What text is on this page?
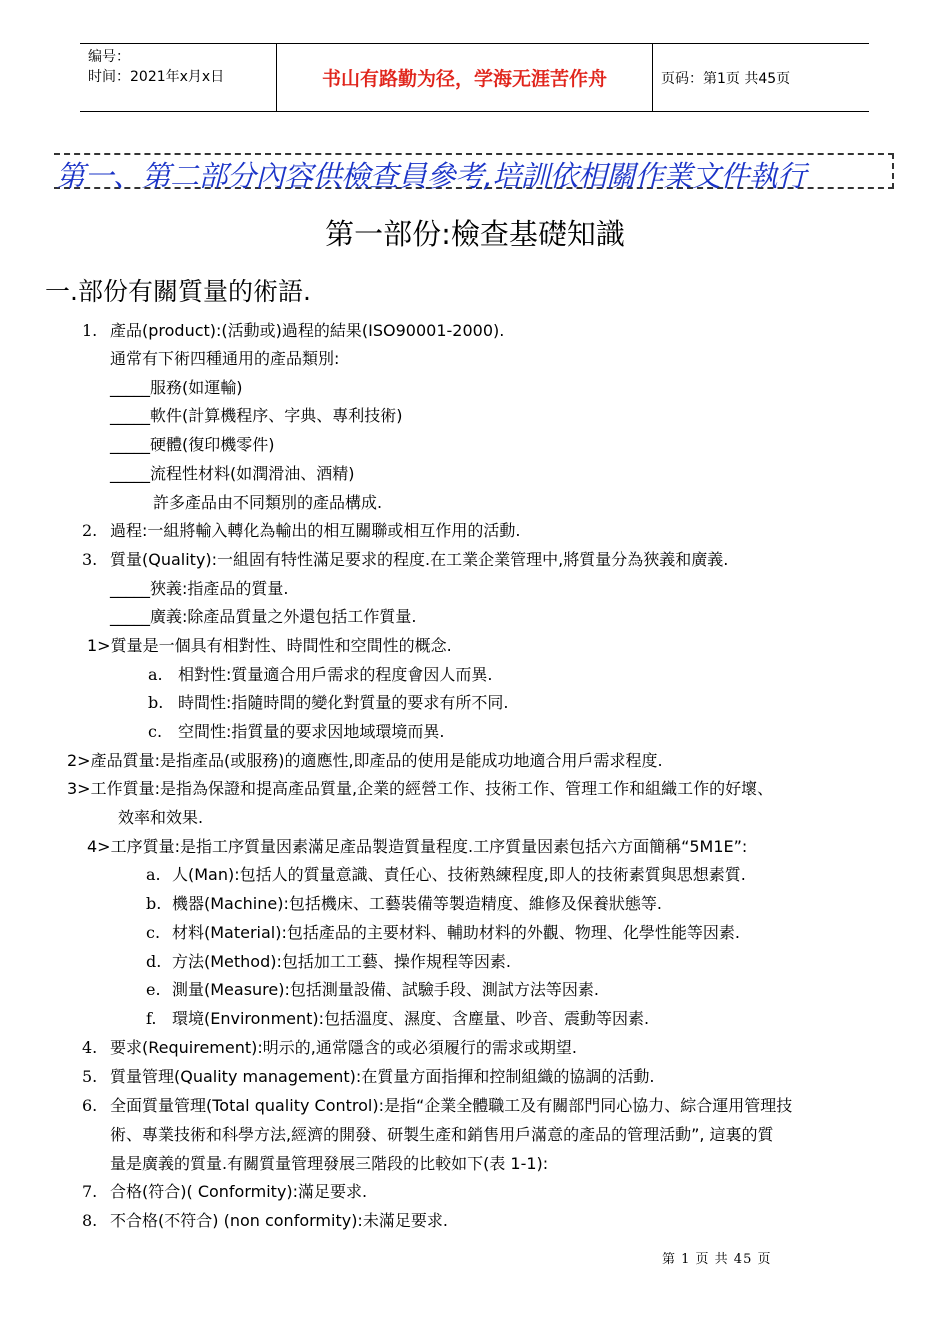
编号：
时间：2021年x月x日	书山有路勤为径，学海无涯苦作舟	页码：第1页 共45页
第一、第二部分內容供檢查員參考,培訓依相關作業文件執行
第一部份:檢查基礎知識
一.部份有關質量的術語.
1. 產品(product):(活動或)過程的結果(ISO90001-2000).
通常有下術四種通用的產品類別:
_____服務(如運輸)
_____軟件(計算機程序、字典、專利技術)
_____硬體(復印機零件)
_____流程性材料(如潤滑油、酒精)
許多產品由不同類別的產品構成.
2. 過程:一組將輸入轉化為輸出的相互關聯或相互作用的活動.
3. 質量(Quality):一組固有特性滿足要求的程度.在工業企業管理中,將質量分為狹義和廣義.
_____狹義:指產品的質量.
_____廣義:除產品質量之外還包括工作質量.
1>質量是一個具有相對性、時間性和空間性的概念.
a. 相對性:質量適合用戶需求的程度會因人而異.
b. 時間性:指隨時間的變化對質量的要求有所不同.
c. 空間性:指質量的要求因地域環境而異.
2>產品質量:是指產品(或服務)的適應性,即產品的使用是能成功地適合用戶需求程度.
3>工作質量:是指為保證和提高產品質量,企業的經營工作、技術工作、管理工作和組織工作的好壞、
效率和效果.
4>工序質量:是指工序質量因素滿足產品製造質量程度.工序質量因素包括六方面簡稱“5M1E”:
a. 人(Man):包括人的質量意識、責任心、技術熟練程度,即人的技術素質與思想素質.
b. 機器(Machine):包括機床、工藝裝備等製造精度、維修及保養狀態等.
c. 材料(Material):包括產品的主要材料、輔助材料的外觀、物理、化學性能等因素.
d. 方法(Method):包括加工工藝、操作規程等因素.
e. 測量(Measure):包括測量設備、試驗手段、測試方法等因素.
f. 環境(Environment):包括溫度、濕度、含塵量、吵音、震動等因素.
4. 要求(Requirement):明示的,通常隱含的或必須履行的需求或期望.
5. 質量管理(Quality management):在質量方面指揮和控制組織的協調的活動.
6. 全面質量管理(Total quality Control):是指“企業全體職工及有關部門同心協力、綜合運用管理技
術、專業技術和科學方法,經濟的開發、研製生產和銷售用戶滿意的產品的管理活動”, 這裏的質
量是廣義的質量.有關質量管理發展三階段的比較如下(表 1-1):
7. 合格(符合)( Conformity):滿足要求.
8. 不合格(不符合) (non conformity):未滿足要求.
第 1 页 共 45 页
